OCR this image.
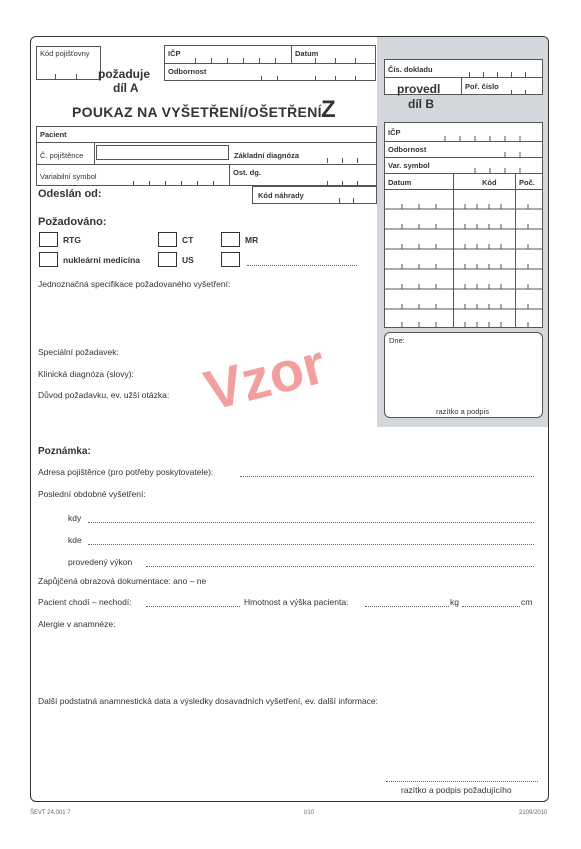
Kód pojišťovny
požaduje
díl A
IČP	Datum
Odbornost
POUKAZ NA VYŠETŘENÍ/OŠETŘENÍ Z
Pacient
Č. pojištěnce
Variabilní symbol
Základní diagnóza
Ost. dg.
Odeslán od:	Kód náhrady
Požadováno:
RTG	CT	MR
nukleární medicína	US
Jednoznačná specifikace požadovaného vyšetření:
Speciální požadavek:
Klinická diagnóza (slovy):
Důvod požadavku, ev. užší otázka: Vzor
Poznámka:
Adresa pojištěnce (pro potřeby poskytovatele):
Poslední obdobné vyšetření:
kdy
kde
provedený výkon
Zapůjčená obrazová dokumentace: ano – ne
Pacient chodí – nechodí:	Hmotnost a výška pacienta:	kg	cm
Alergie v anamnéze:
Další podstatná anamnestická data a výsledky dosavadních vyšetření, ev. další informace:
razítko a podpis požadujícího
Čís. dokladu
Poř. číslo
provedl
díl B
IČP
Odbornost
Var. symbol
Datum	Kód	Poč.
Dne:
razítko a podpis
ŠEVT 24.001 7	I/10	2109/2010
